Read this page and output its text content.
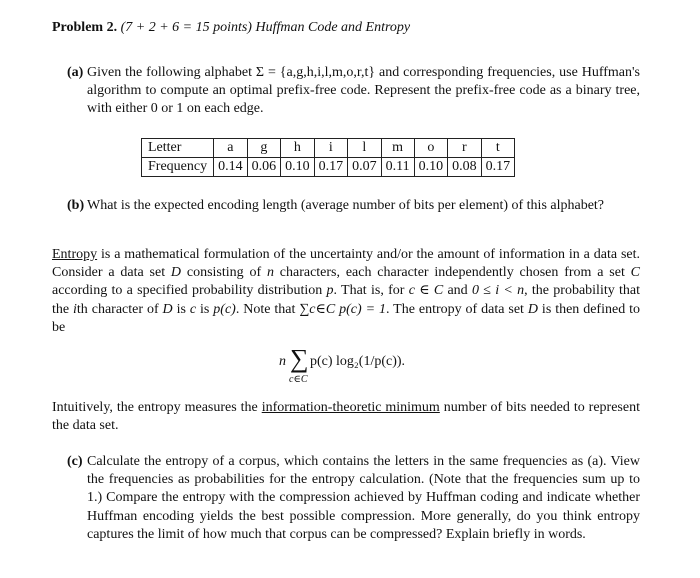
Problem 2. (7 + 2 + 6 = 15 points) Huffman Code and Entropy
(a) Given the following alphabet Σ = {a,g,h,i,l,m,o,r,t} and corresponding frequencies, use Huffman's algorithm to compute an optimal prefix-free code. Represent the prefix-free code as a binary tree, with either 0 or 1 on each edge.
Letter	a	g	h	i	l	m	o	r	t
Frequency	0.14	0.06	0.10	0.17	0.07	0.11	0.10	0.08	0.17
(b) What is the expected encoding length (average number of bits per element) of this alphabet?
Entropy is a mathematical formulation of the uncertainty and/or the amount of information in a data set. Consider a data set D consisting of n characters, each character independently chosen from a set C according to a specified probability distribution p. That is, for c ∈ C and 0 ≤ i < n, the probability that the ith character of D is c is p(c). Note that ∑c∈C p(c) = 1. The entropy of data set D is then defined to be
n ∑
c∈C
p(c) log₂(1/p(c)).
Intuitively, the entropy measures the information-theoretic minimum number of bits needed to represent the data set.
(c) Calculate the entropy of a corpus, which contains the letters in the same frequencies as (a). View the frequencies as probabilities for the entropy calculation. (Note that the frequencies sum up to 1.) Compare the entropy with the compression achieved by Huffman coding and indicate whether Huffman encoding yields the best possible compression. More generally, do you think entropy captures the limit of how much that corpus can be compressed? Explain briefly in words.
